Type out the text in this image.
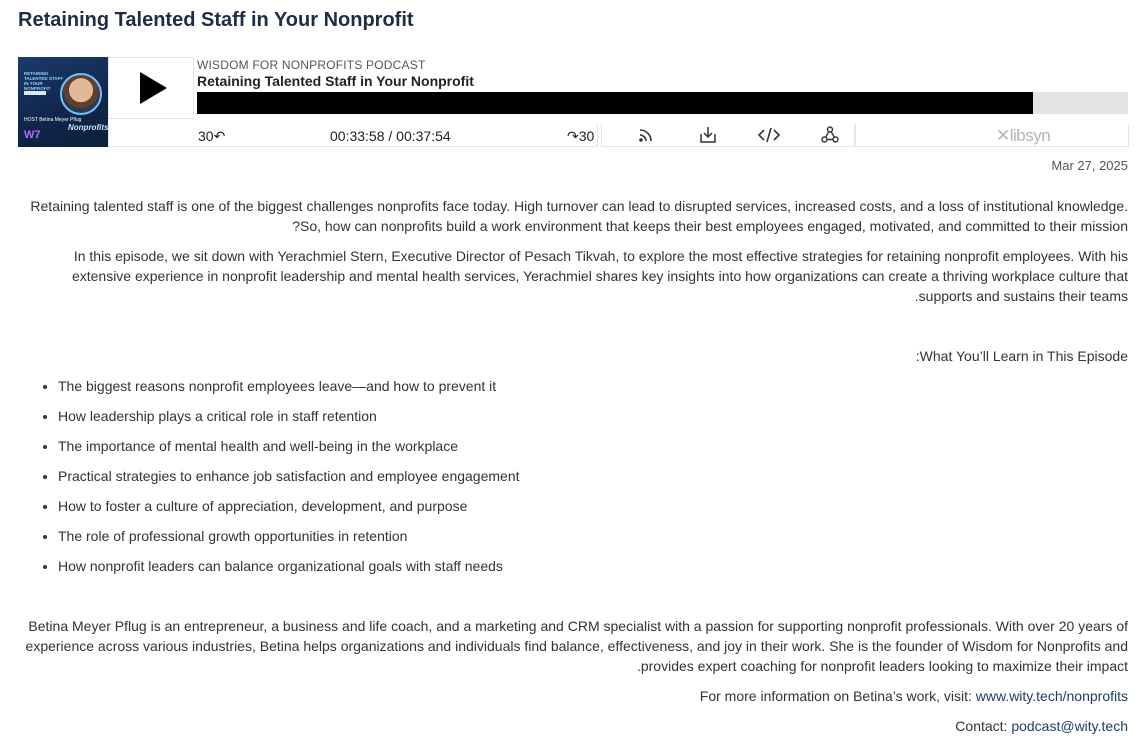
Retaining Talented Staff in Your Nonprofit
RETAINING TALENTED STAFF IN YOUR NONPROFIT
HOST Betina Meyer Pflug
Nonprofits
W7
WISDOM FOR NONPROFITS PODCAST
Retaining Talented Staff in Your Nonprofit
30↶	00:33:58 / 00:37:54	↷30	✕libsyn
Mar 27, 2025

Retaining talented staff is one of the biggest challenges nonprofits face today. High turnover can lead to disrupted services, increased costs, and a loss of institutional knowledge. So, how can nonprofits build a work environment that keeps their best employees engaged, motivated, and committed to their mission?

In this episode, we sit down with Yerachmiel Stern, Executive Director of Pesach Tikvah, to explore the most effective strategies for retaining nonprofit employees. With his extensive experience in nonprofit leadership and mental health services, Yerachmiel shares key insights into how organizations can create a thriving workplace culture that supports and sustains their teams.

What You’ll Learn in This Episode:

• The biggest reasons nonprofit employees leave—and how to prevent it
• How leadership plays a critical role in staff retention
• The importance of mental health and well-being in the workplace
• Practical strategies to enhance job satisfaction and employee engagement
• How to foster a culture of appreciation, development, and purpose
• The role of professional growth opportunities in retention
• How nonprofit leaders can balance organizational goals with staff needs

Betina Meyer Pflug is an entrepreneur, a business and life coach, and a marketing and CRM specialist with a passion for supporting nonprofit professionals. With over 20 years of experience across various industries, Betina helps organizations and individuals find balance, effectiveness, and joy in their work. She is the founder of Wisdom for Nonprofits and provides expert coaching for nonprofit leaders looking to maximize their impact.

For more information on Betina’s work, visit: www.wity.tech/nonprofits

Contact: podcast@wity.tech
